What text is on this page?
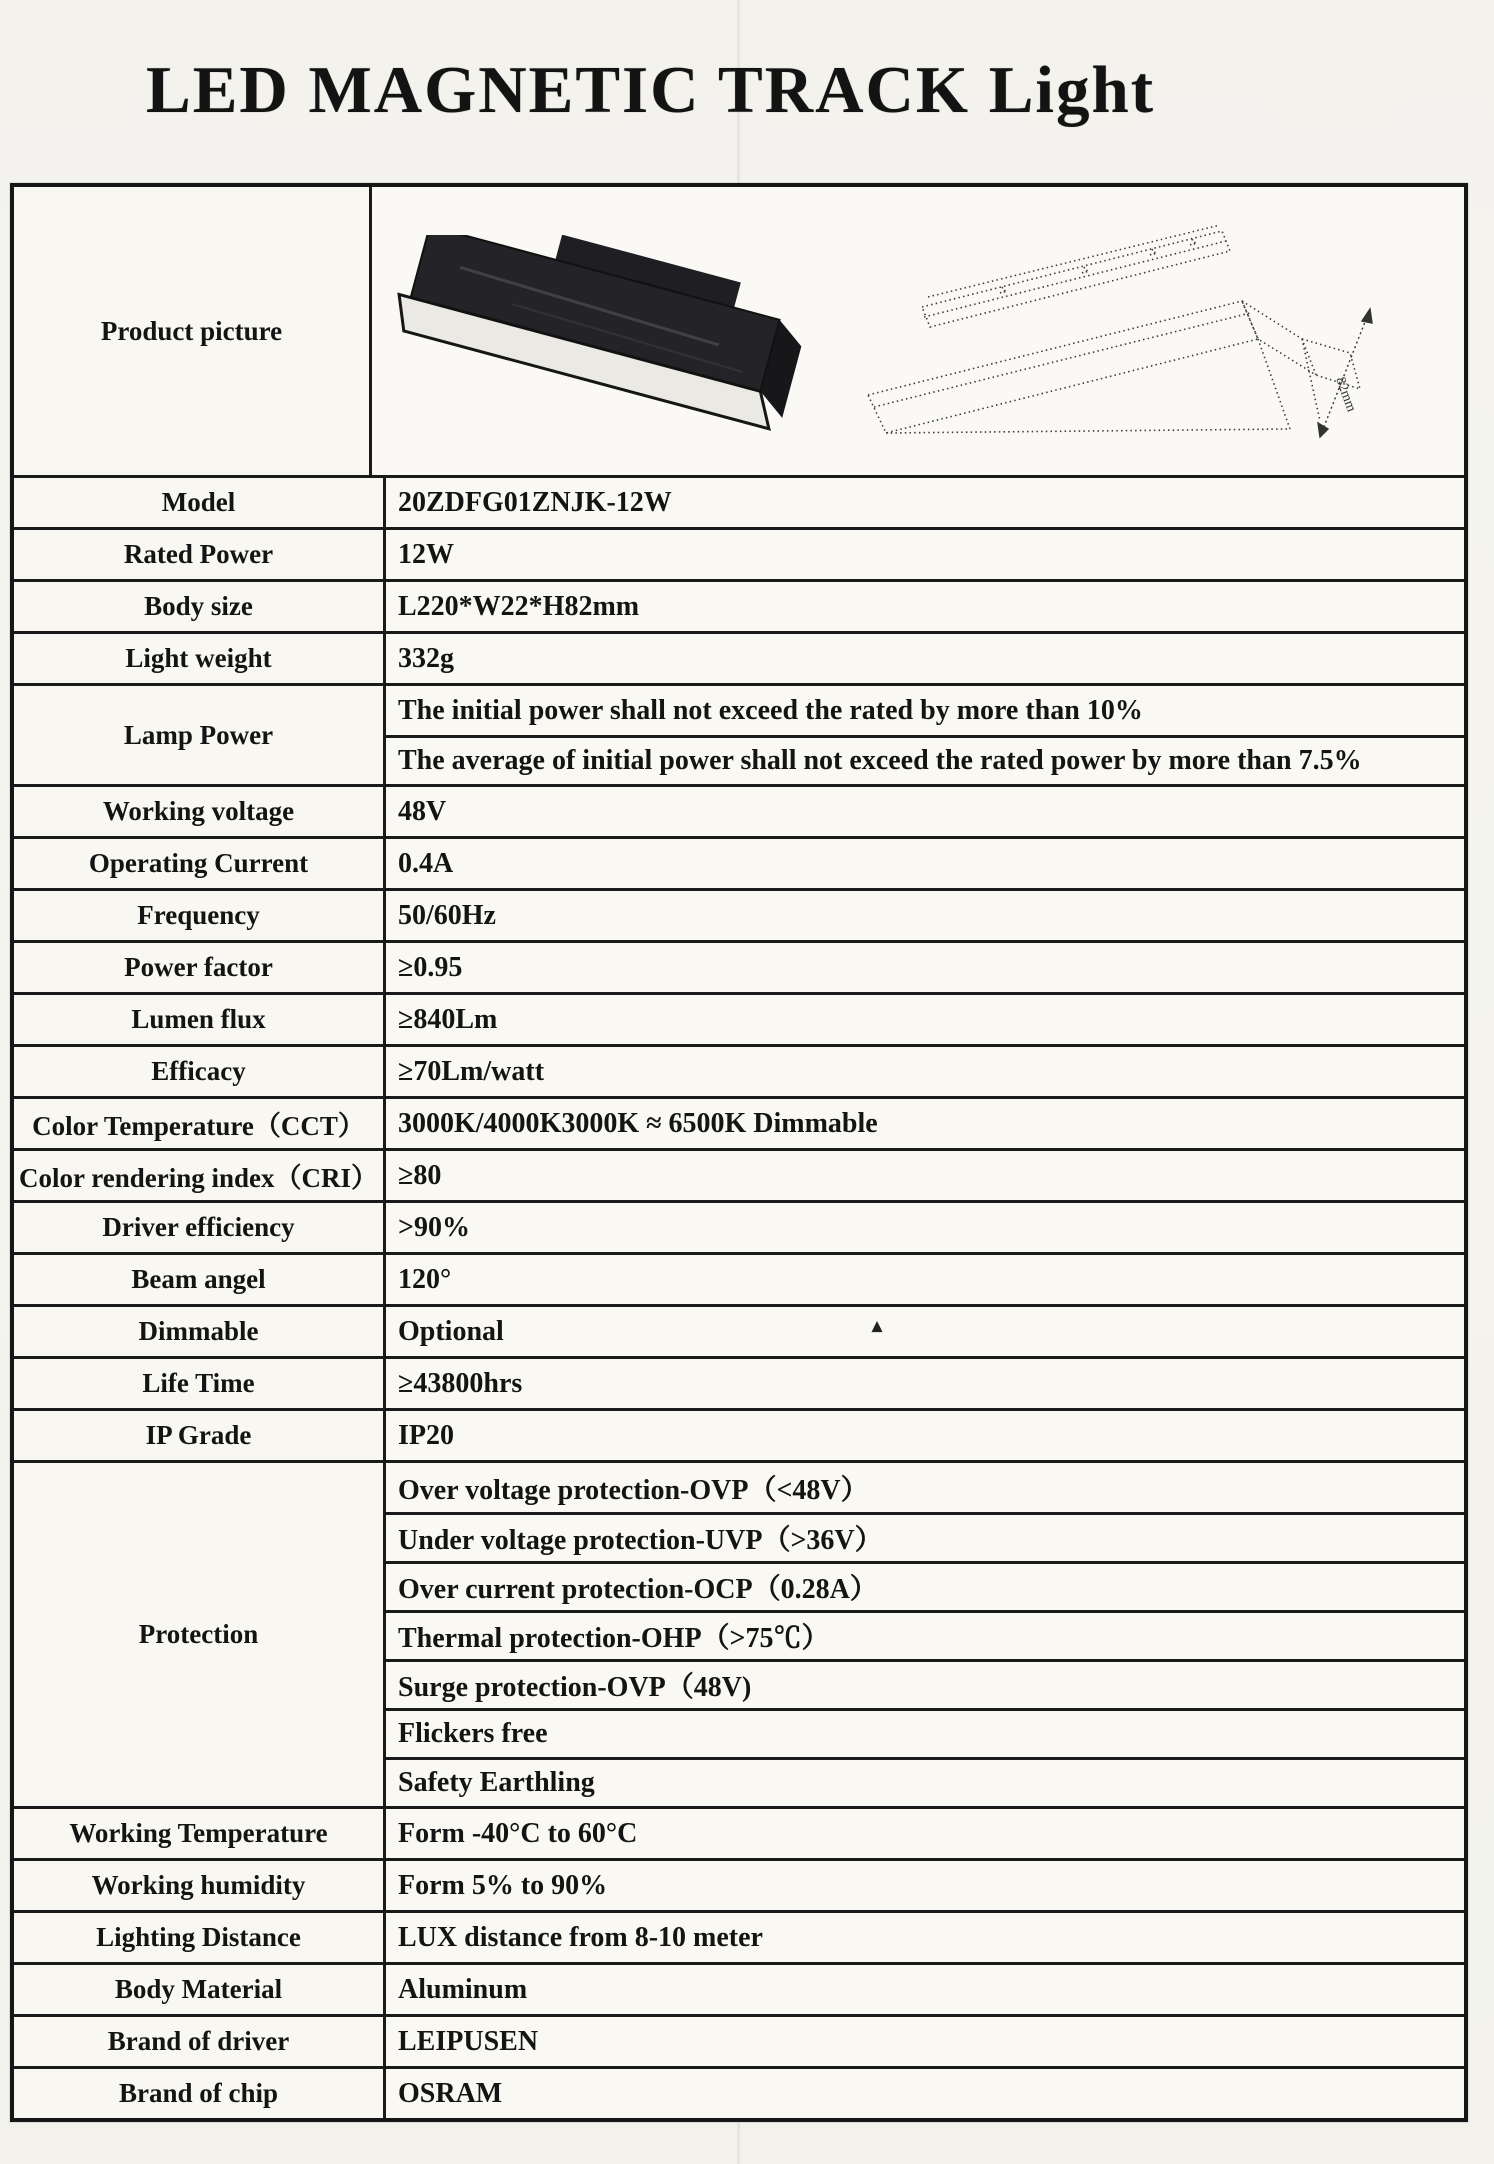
LED MAGNETIC TRACK Light
Product picture
82mm
Model	20ZDFG01ZNJK-12W
Rated Power	12W
Body size	L220*W22*H82mm
Light weight	332g
Lamp Power
The initial power shall not exceed the rated by more than 10%
The average of initial power shall not exceed the rated power by more than 7.5%
Working voltage	48V
Operating Current	0.4A
Frequency	50/60Hz
Power factor	≥0.95
Lumen flux	≥840Lm
Efficacy	≥70Lm/watt
Color Temperature（CCT）	3000K/4000K3000K ≈ 6500K Dimmable
Color rendering index（CRI） ≥80
Driver efficiency	>90%
Beam angel	120°
Dimmable	Optional	▴
Life Time	≥43800hrs
IP Grade	IP20
Protection
Over voltage protection-OVP（<48V）
Under voltage protection-UVP（>36V）
Over current protection-OCP（0.28A）
Thermal protection-OHP（>75℃）
Surge protection-OVP（48V)
Flickers free
Safety Earthling
Working Temperature	Form -40°C to 60°C
Working humidity	Form 5% to 90%
Lighting Distance	LUX distance from 8-10 meter
Body Material	Aluminum
Brand of driver	LEIPUSEN
Brand of chip	OSRAM
